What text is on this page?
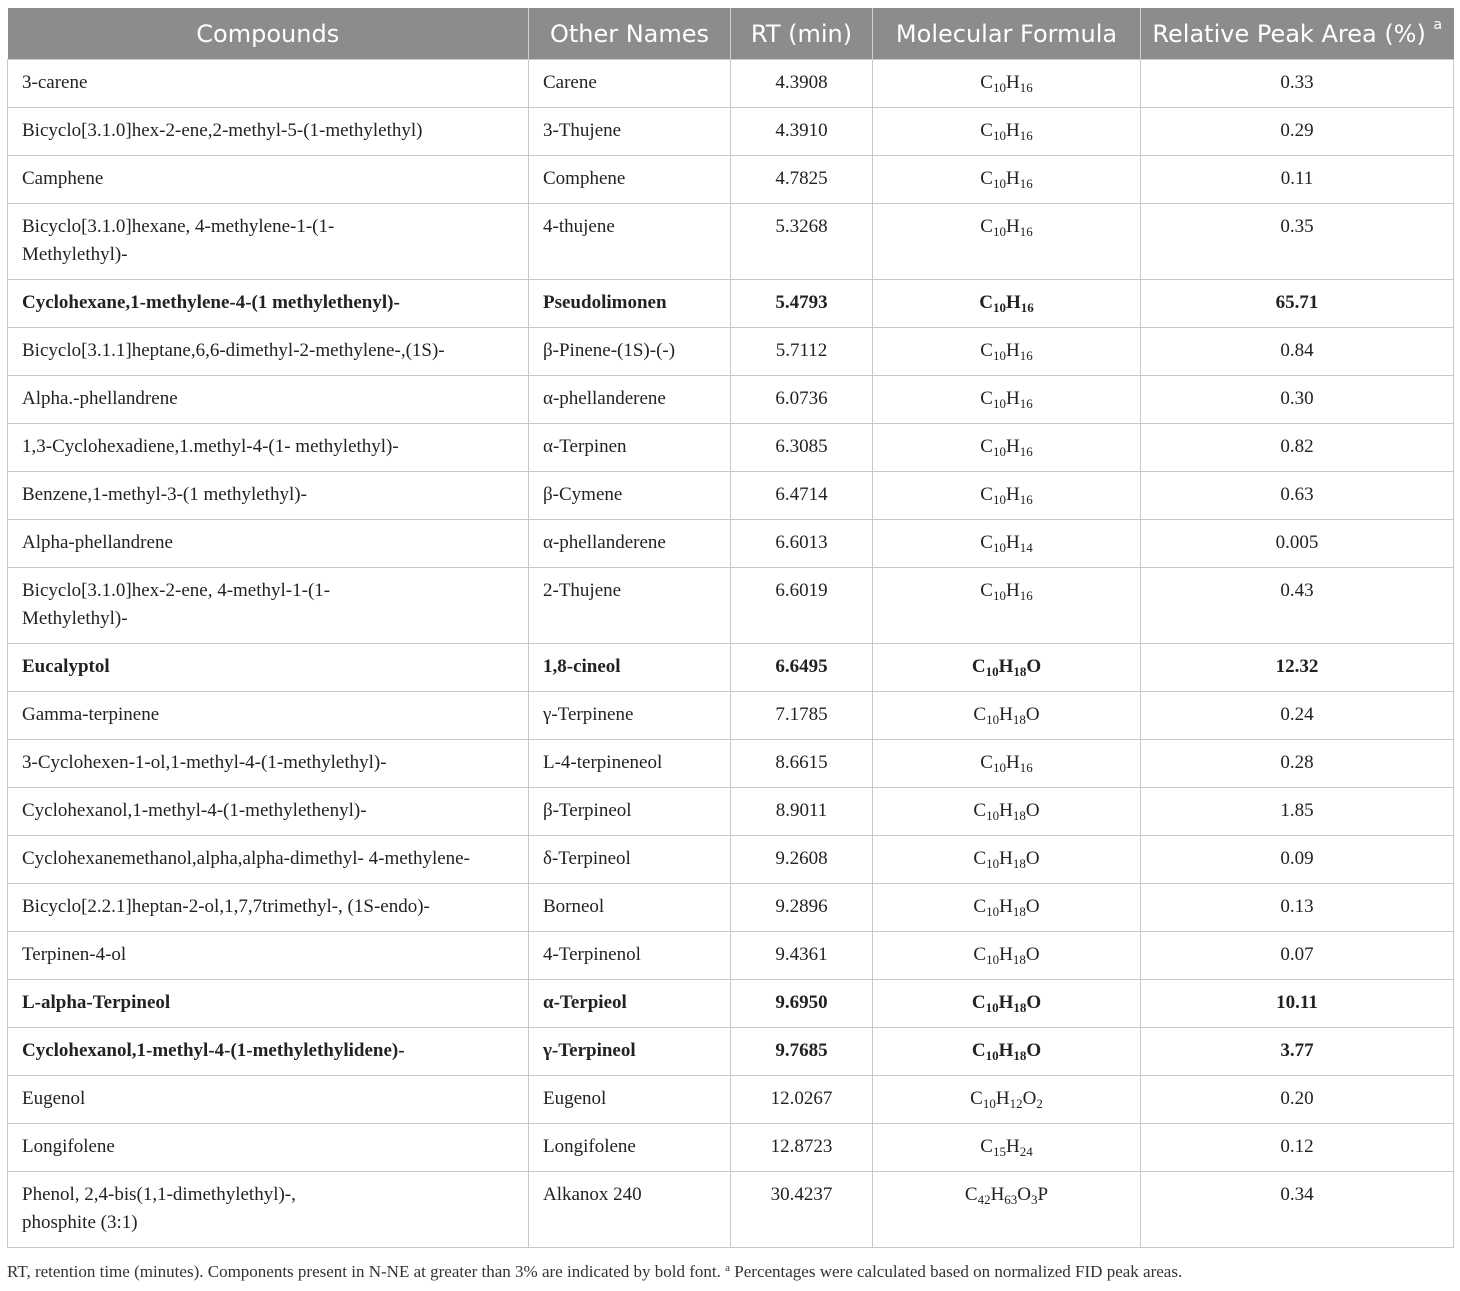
Compounds	Other Names	RT (min)	Molecular Formula	Relative Peak Area (%) $^a$
3-carene	Carene	4.3908	$C_{10}H_{16}$	0.33
Bicyclo[3.1.0]hex-2-ene,2-methyl-5-(1-methylethyl)	3-Thujene	4.3910	$C_{10}H_{16}$	0.29
Camphene	Comphene	4.7825	$C_{10}H_{16}$	0.11
Bicyclo[3.1.0]hexane, 4-methylene-1-(1-
Methylethyl)-	4-thujene	5.3268	$C_{10}H_{16}$	0.35
Cyclohexane,1-methylene-4-(1 methylethenyl)-	Pseudolimonen	5.4793	$C_{10}H_{16}$	65.71
Bicyclo[3.1.1]heptane,6,6-dimethyl-2-methylene-,(1S)-	β-Pinene-(1S)-(-)	5.7112	$C_{10}H_{16}$	0.84
Alpha.-phellandrene	α-phellanderene	6.0736	$C_{10}H_{16}$	0.30
1,3-Cyclohexadiene,1.methyl-4-(1- methylethyl)-	α-Terpinen	6.3085	$C_{10}H_{16}$	0.82
Benzene,1-methyl-3-(1 methylethyl)-	β-Cymene	6.4714	$C_{10}H_{16}$	0.63
Alpha-phellandrene	α-phellanderene	6.6013	$C_{10}H_{14}$	0.005
Bicyclo[3.1.0]hex-2-ene, 4-methyl-1-(1-
Methylethyl)-	2-Thujene	6.6019	$C_{10}H_{16}$	0.43
Eucalyptol	1,8-cineol	6.6495	$C_{10}H_{18}O$	12.32
Gamma-terpinene	γ-Terpinene	7.1785	$C_{10}H_{18}O$	0.24
3-Cyclohexen-1-ol,1-methyl-4-(1-methylethyl)-	L-4-terpineneol	8.6615	$C_{10}H_{16}$	0.28
Cyclohexanol,1-methyl-4-(1-methylethenyl)-	β-Terpineol	8.9011	$C_{10}H_{18}O$	1.85
Cyclohexanemethanol,alpha,alpha-dimethyl- 4-methylene-	δ-Terpineol	9.2608	$C_{10}H_{18}O$	0.09
Bicyclo[2.2.1]heptan-2-ol,1,7,7trimethyl-, (1S-endo)-	Borneol	9.2896	$C_{10}H_{18}O$	0.13
Terpinen-4-ol	4-Terpinenol	9.4361	$C_{10}H_{18}O$	0.07
L-alpha-Terpineol	α-Terpieol	9.6950	$C_{10}H_{18}O$	10.11
Cyclohexanol,1-methyl-4-(1-methylethylidene)-	γ-Terpineol	9.7685	$C_{10}H_{18}O$	3.77
Eugenol	Eugenol	12.0267	$C_{10}H_{12}O_2$	0.20
Longifolene	Longifolene	12.8723	$C_{15}H_{24}$	0.12
Phenol, 2,4-bis(1,1-dimethylethyl)-,
phosphite (3:1)	Alkanox 240	30.4237	$C_{42}H_{63}O_3P$	0.34
RT, retention time (minutes). Components present in N-NE at greater than 3% are indicated by bold font. $^a$ Percentages were calculated based on normalized FID peak areas.
